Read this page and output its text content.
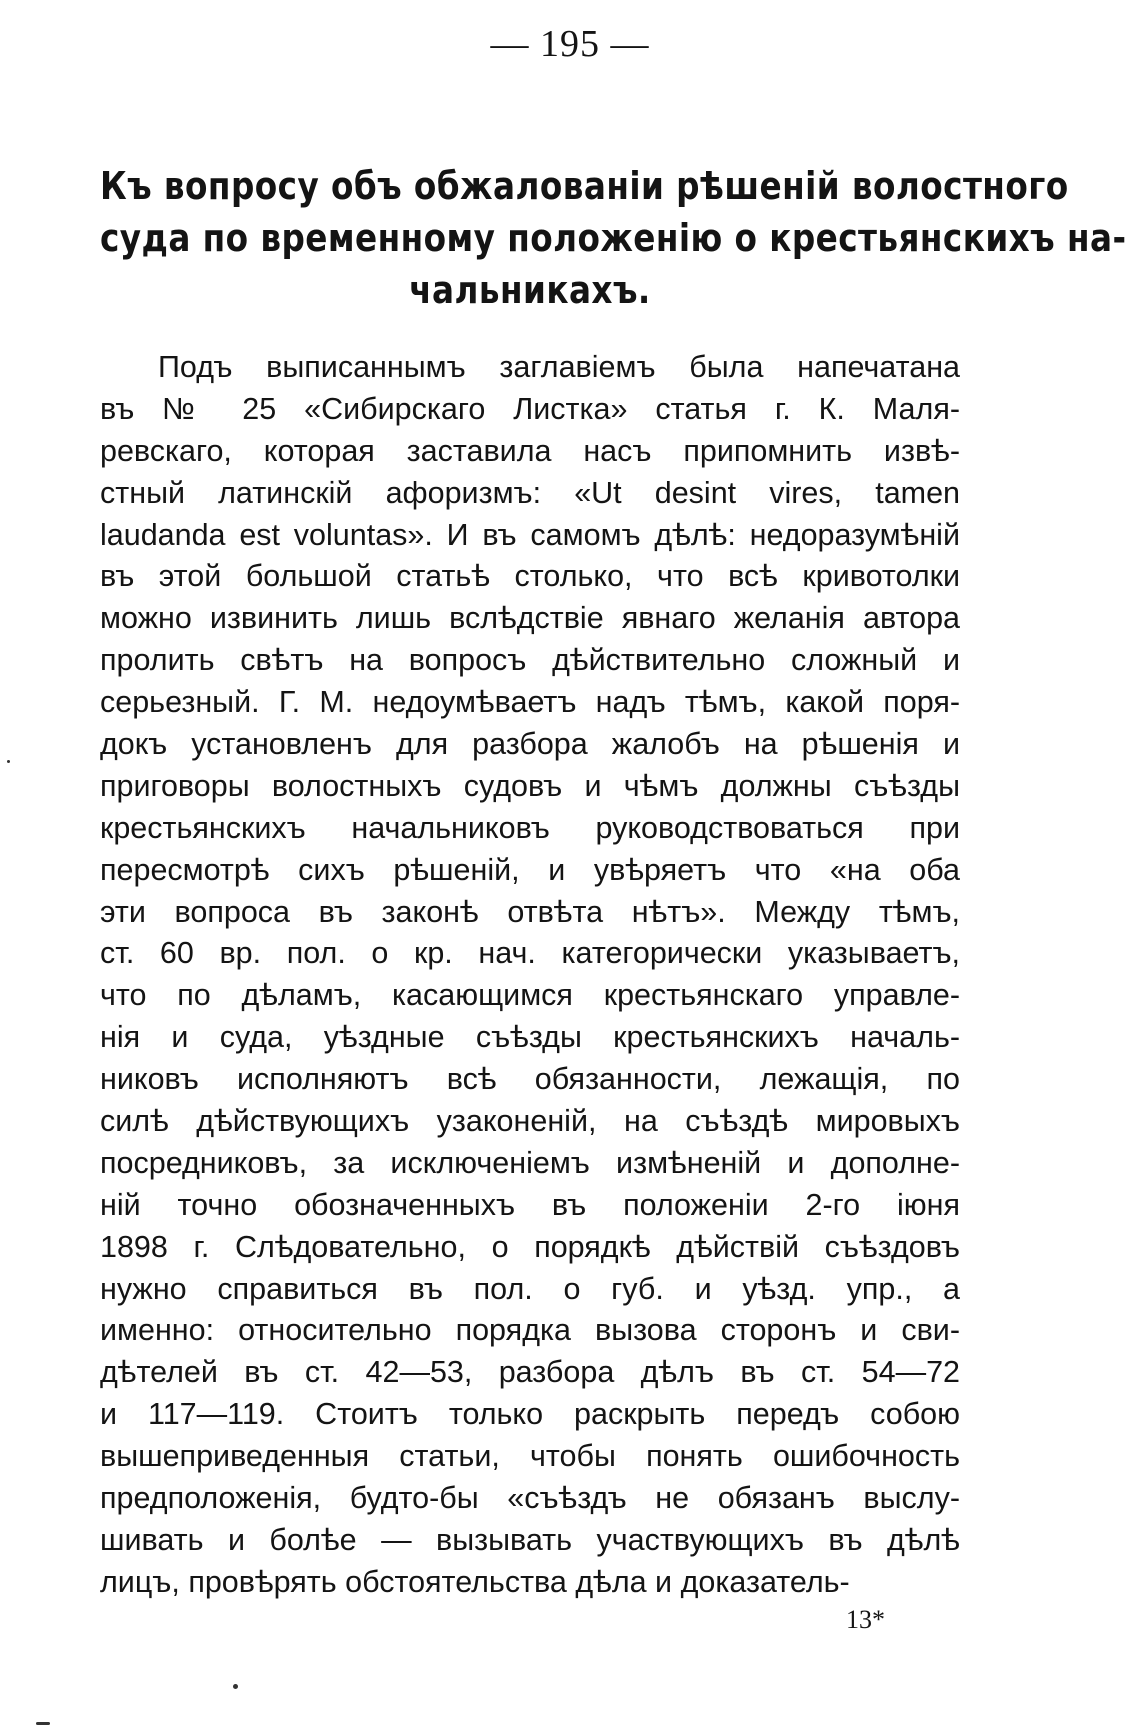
— 195 —
Къ вопросу объ обжалованіи рѣшеній волостного
суда по временному положенію о крестьянскихъ на-
чальникахъ.
Подъ выписаннымъ заглавіемъ была напечатана
въ № 25 «Сибирскаго Листка» статья г. К. Маля-
ревскаго, которая заставила насъ припомнить извѣ-
стный латинскій афоризмъ: «Ut desint vires, tamen
laudanda est voluntas». И въ самомъ дѣлѣ: недоразумѣній
въ этой большой статьѣ столько, что всѣ кривотолки
можно извинить лишь вслѣдствіе явнаго желанія автора
пролить свѣтъ на вопросъ дѣйствительно сложный и
серьезный. Г. М. недоумѣваетъ надъ тѣмъ, какой поря-
докъ установленъ для разбора жалобъ на рѣшенія и
приговоры волостныхъ судовъ и чѣмъ должны съѣзды
крестьянскихъ начальниковъ руководствоваться при
пересмотрѣ сихъ рѣшеній, и увѣряетъ что «на оба
эти вопроса въ законѣ отвѣта нѣтъ». Между тѣмъ,
ст. 60 вр. пол. о кр. нач. категорически указываетъ,
что по дѣламъ, касающимся крестьянскаго управле-
нія и суда, уѣздные съѣзды крестьянскихъ началь-
никовъ исполняютъ всѣ обязанности, лежащія, по
силѣ дѣйствующихъ узаконеній, на съѣздѣ мировыхъ
посредниковъ, за исключеніемъ измѣненій и дополне-
ній точно обозначенныхъ въ положеніи 2-го іюня
1898 г. Слѣдовательно, о порядкѣ дѣйствій съѣздовъ
нужно справиться въ пол. о губ. и уѣзд. упр., а
именно: относительно порядка вызова сторонъ и сви-
дѣтелей въ ст. 42—53, разбора дѣлъ въ ст. 54—72
и 117—119. Стоитъ только раскрыть передъ собою
вышеприведенныя статьи, чтобы понять ошибочность
предположенія, будто-бы «съѣздъ не обязанъ выслу-
шивать и болѣе — вызывать участвующихъ въ дѣлѣ
лицъ, провѣрять обстоятельства дѣла и доказатель-
13*
